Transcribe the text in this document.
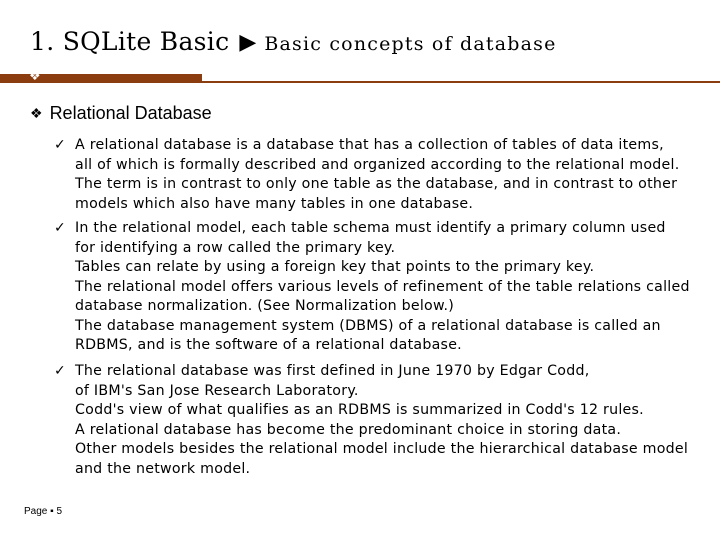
1. SQLite Basic ▶ Basic concepts of database
❖
❖ Relational Database
✓ A relational database is a database that has a collection of tables of data items,
all of which is formally described and organized according to the relational model.
The term is in contrast to only one table as the database, and in contrast to other
models which also have many tables in one database.
✓ In the relational model, each table schema must identify a primary column used
for identifying a row called the primary key.
Tables can relate by using a foreign key that points to the primary key.
The relational model offers various levels of refinement of the table relations called
database normalization. (See Normalization below.)
The database management system (DBMS) of a relational database is called an
RDBMS, and is the software of a relational database.
✓ The relational database was first defined in June 1970 by Edgar Codd,
of IBM's San Jose Research Laboratory.
Codd's view of what qualifies as an RDBMS is summarized in Codd's 12 rules.
A relational database has become the predominant choice in storing data.
Other models besides the relational model include the hierarchical database model
and the network model.
Page ▪ 5
